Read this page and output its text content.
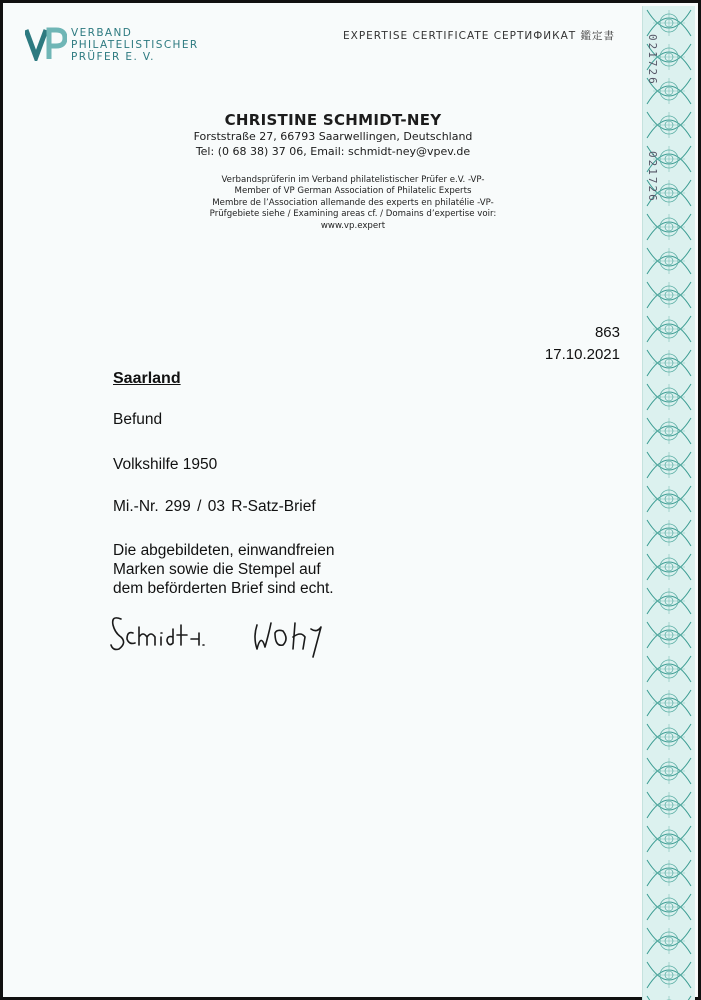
VERBAND
PHILATELISTISCHER
PRÜFER E. V.
EXPERTISE CERTIFICATE СЕРТИФИКАТ 鑑定書
CHRISTINE SCHMIDT-NEY
Forststraße 27, 66793 Saarwellingen, Deutschland
Tel: (0 68 38) 37 06, Email: schmidt-ney@vpev.de
Verbandsprüferin im Verband philatelistischer Prüfer e.V. -VP-
Member of VP German Association of Philatelic Experts
Membre de l’Association allemande des experts en philatélie -VP-
Prüfgebiete siehe / Examining areas cf. / Domains d’expertise voir:
www.vp.expert
863
17.10.2021
Saarland
Befund
Volkshilfe 1950
Mi.-Nr. 299 / 03 R-Satz-Brief
Die abgebildeten, einwandfreien
Marken sowie die Stempel auf
dem beförderten Brief sind echt.
021726
021726
